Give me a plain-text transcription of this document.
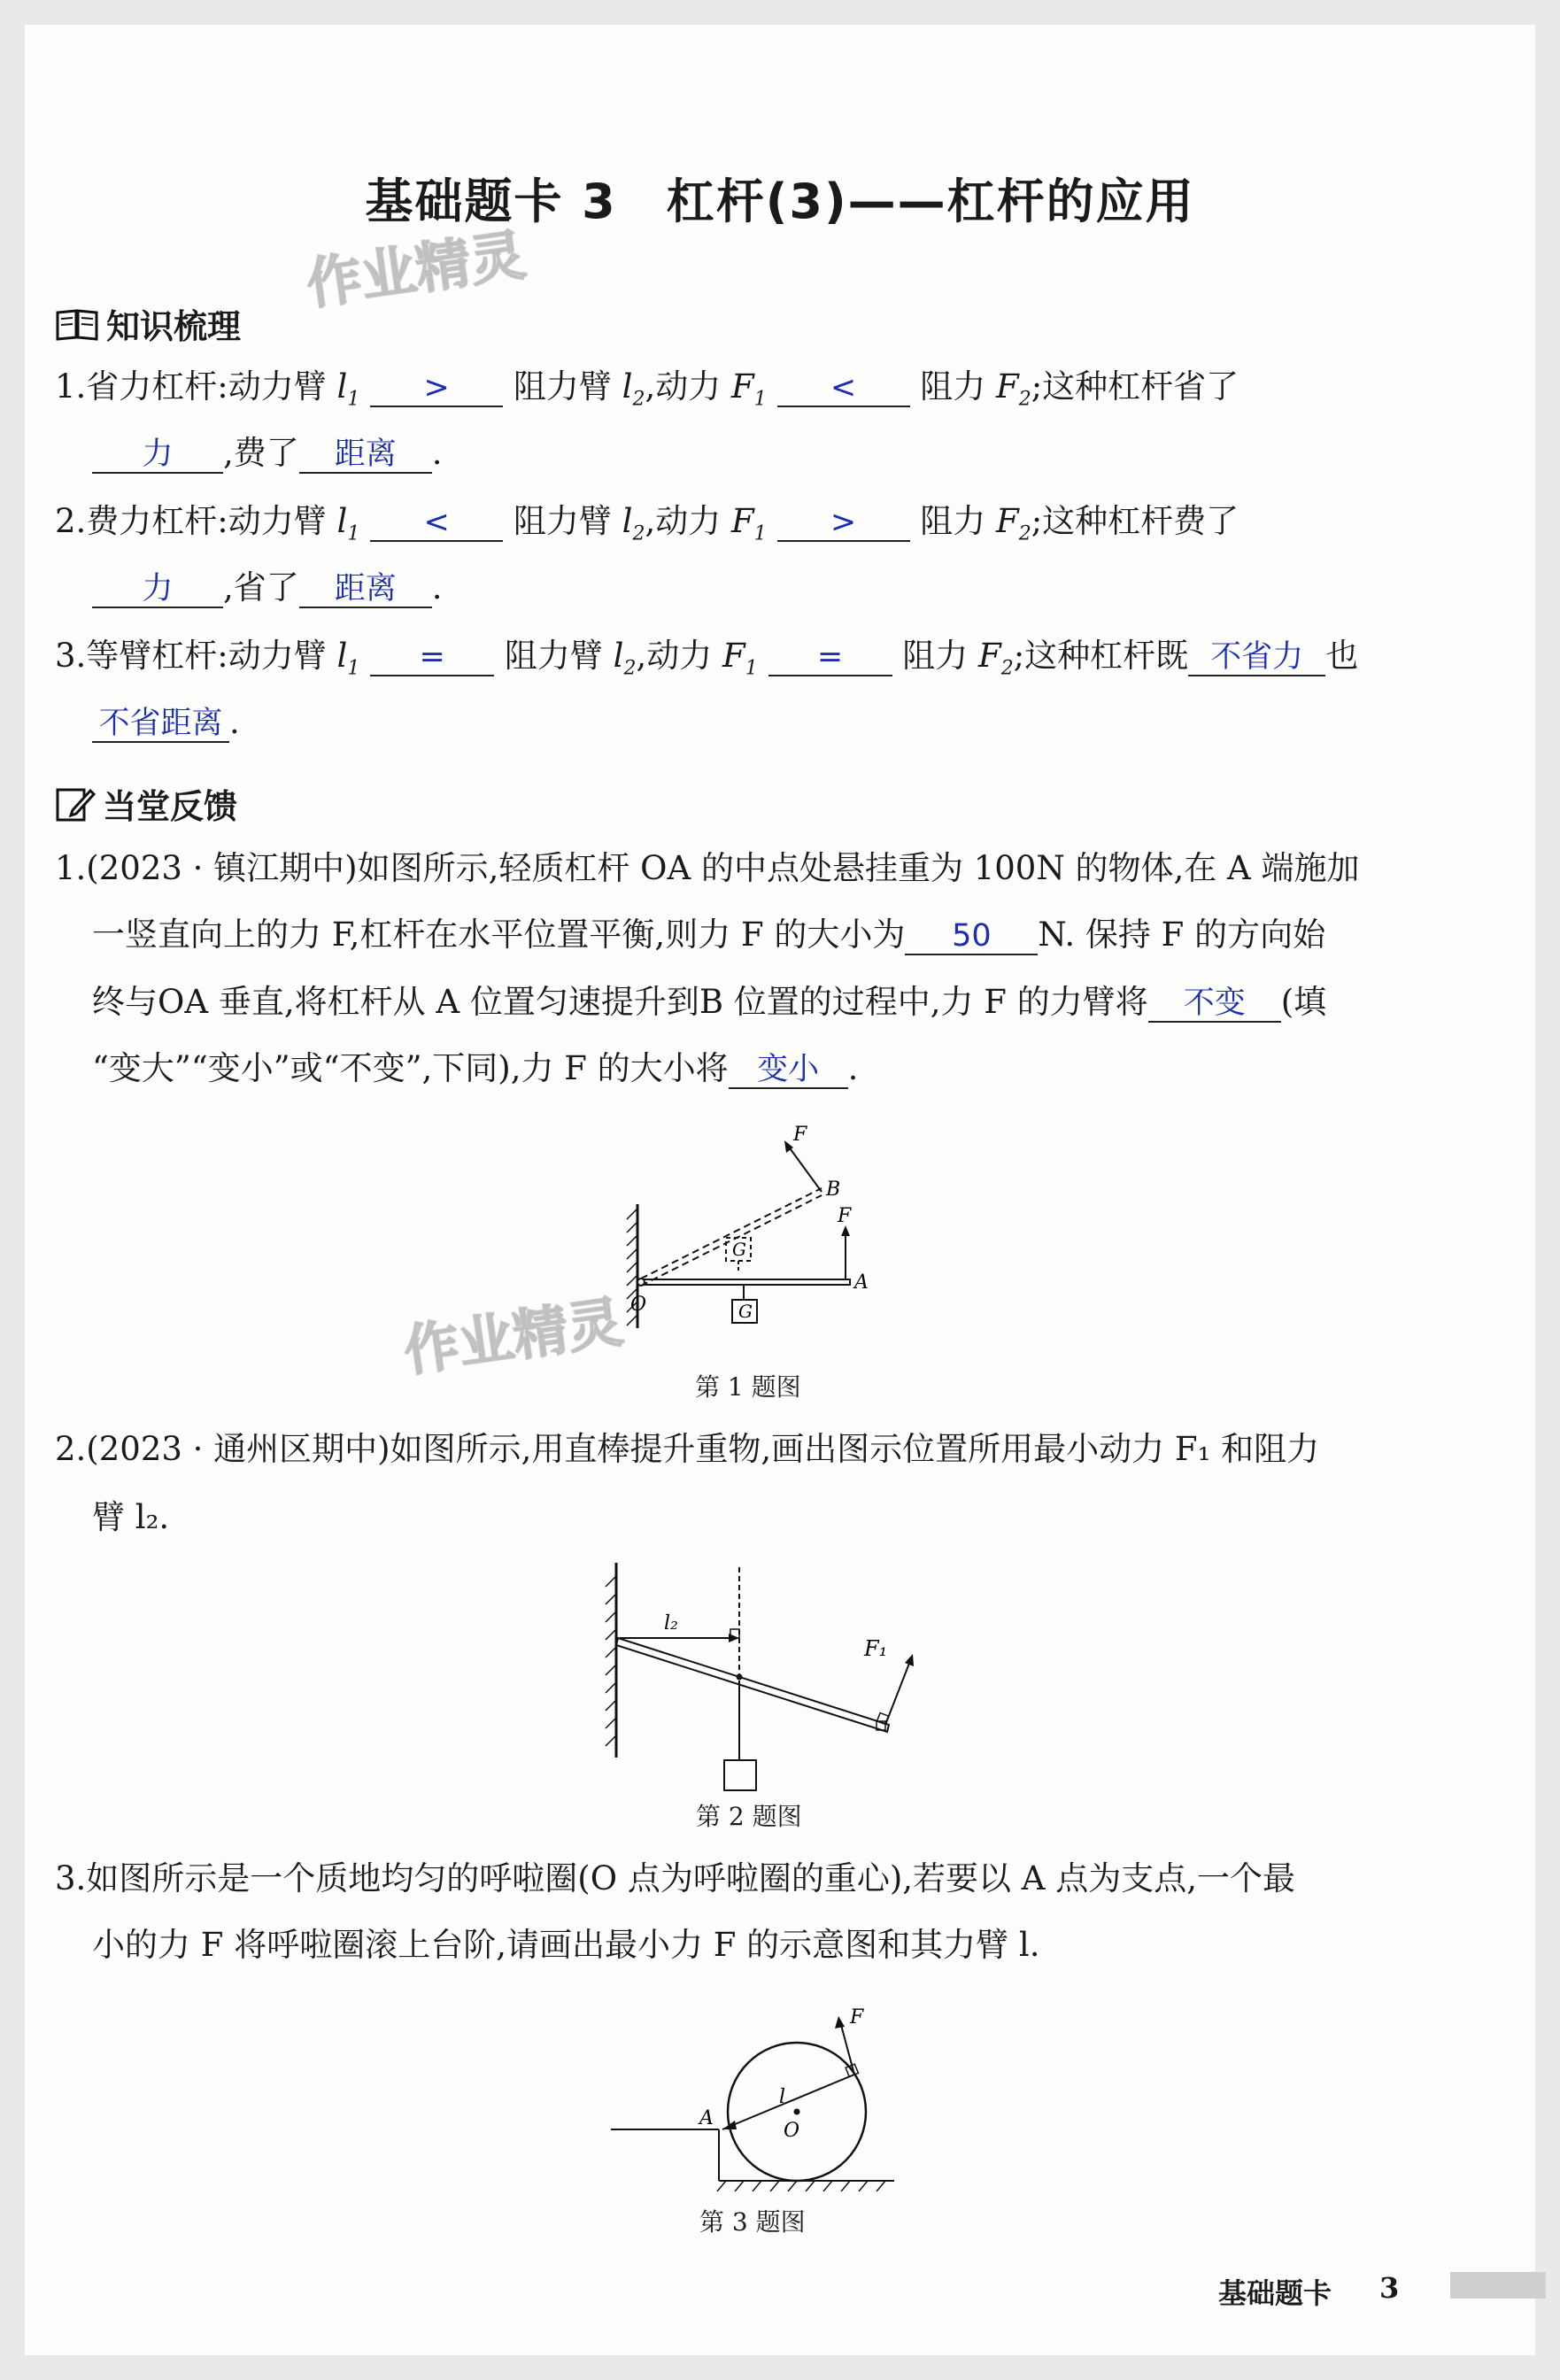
基础题卡 3　杠杆(3)——杠杆的应用
作业精灵
作业精灵
知识梳理
1.省力杠杆:动力臂 $l_1$ > 阻力臂 $l_2$,动力 $F_1$ < 阻力 $F_2$;这种杠杆省了
力 ,费了 距离 .
2.费力杠杆:动力臂 $l_1$ < 阻力臂 $l_2$,动力 $F_1$ > 阻力 $F_2$;这种杠杆费了
力 ,省了 距离 .
3.等臂杠杆:动力臂 $l_1$ = 阻力臂 $l_2$,动力 $F_1$ = 阻力 $F_2$;这种杠杆既 不省力 也
不省距离 .
当堂反馈
1.(2023 · 镇江期中)如图所示,轻质杠杆 OA 的中点处悬挂重为 100N 的物体,在 A 端施加
一竖直向上的力 F,杠杆在水平位置平衡,则力 F 的大小为 50 N. 保持 F 的方向始
终与OA 垂直,将杠杆从 A 位置匀速提升到B 位置的过程中,力 F 的力臂将 不变 (填
“变大”“变小”或“不变”,下同),力 F 的大小将 变小 .
F
B
F
A
O
G
G
第 1 题图
2.(2023 · 通州区期中)如图所示,用直棒提升重物,画出图示位置所用最小动力 F₁ 和阻力
臂 l₂.
l₂
F₁
第 2 题图
3.如图所示是一个质地均匀的呼啦圈(O 点为呼啦圈的重心),若要以 A 点为支点,一个最
小的力 F 将呼啦圈滚上台阶,请画出最小力 F 的示意图和其力臂 l.
F
l
O
A
第 3 题图
基础题卡 3
